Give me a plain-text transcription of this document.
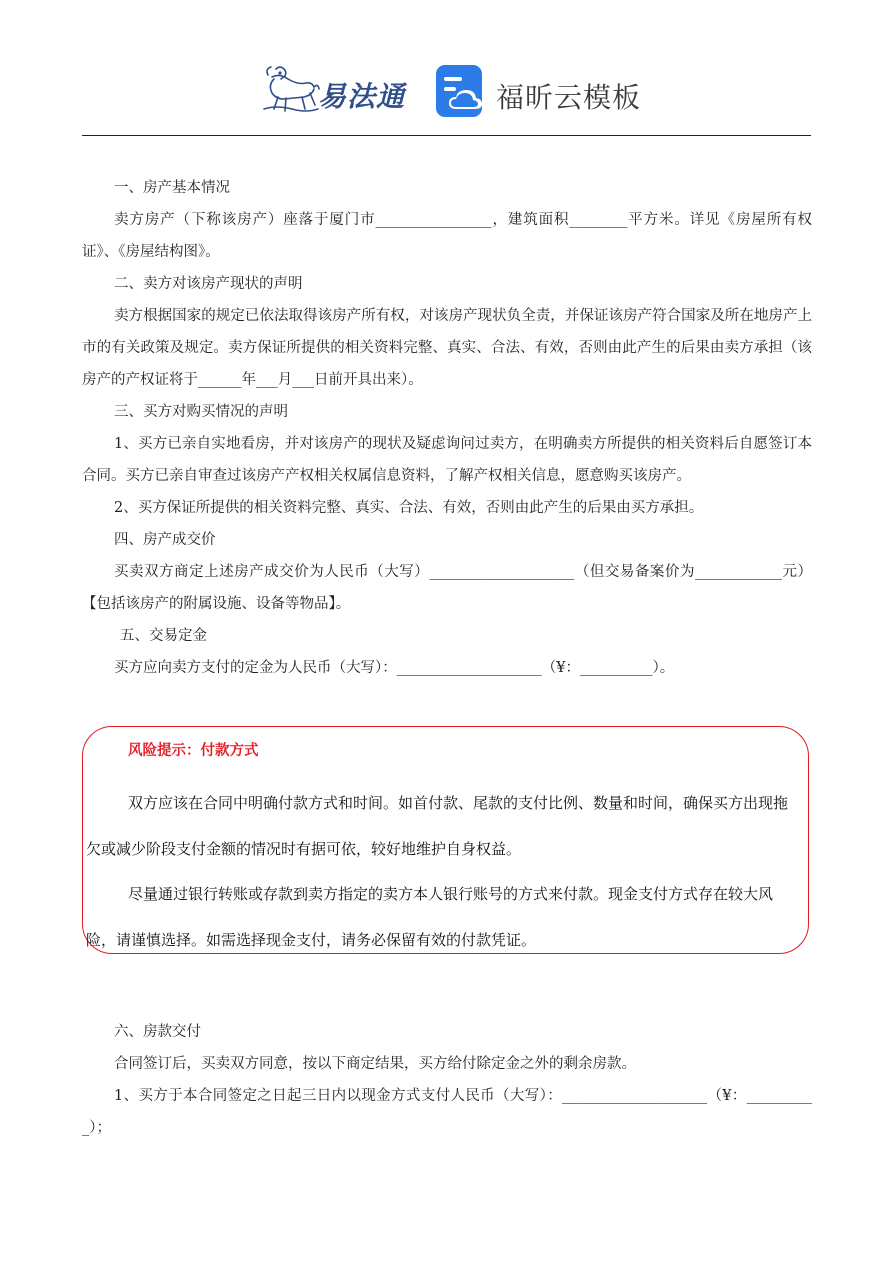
易法通	福昕云模板

一、房产基本情况

卖方房产（下称该房产）座落于厦门市________________，建筑面积________平方米。详见《房屋所有权证》、《房屋结构图》。

二、卖方对该房产现状的声明

卖方根据国家的规定已依法取得该房产所有权，对该房产现状负全责，并保证该房产符合国家及所在地房产上市的有关政策及规定。卖方保证所提供的相关资料完整、真实、合法、有效，否则由此产生的后果由卖方承担（该房产的产权证将于______年___月___日前开具出来）。

三、买方对购买情况的声明

1、买方已亲自实地看房，并对该房产的现状及疑虑询问过卖方，在明确卖方所提供的相关资料后自愿签订本合同。买方已亲自审查过该房产产权相关权属信息资料，了解产权相关信息，愿意购买该房产。

2、买方保证所提供的相关资料完整、真实、合法、有效，否则由此产生的后果由买方承担。

四、房产成交价

买卖双方商定上述房产成交价为人民币（大写）____________________（但交易备案价为____________元）【包括该房产的附属设施、设备等物品】。

五、交易定金

买方应向卖方支付的定金为人民币（大写）：____________________（¥：__________）。

风险提示：付款方式

双方应该在合同中明确付款方式和时间。如首付款、尾款的支付比例、数量和时间，确保买方出现拖欠或减少阶段支付金额的情况时有据可依，较好地维护自身权益。

尽量通过银行转账或存款到卖方指定的卖方本人银行账号的方式来付款。现金支付方式存在较大风险，请谨慎选择。如需选择现金支付，请务必保留有效的付款凭证。

六、房款交付

合同签订后，买卖双方同意，按以下商定结果，买方给付除定金之外的剩余房款。

1、买方于本合同签定之日起三日内以现金方式支付人民币（大写）：____________________（¥：__________）；
